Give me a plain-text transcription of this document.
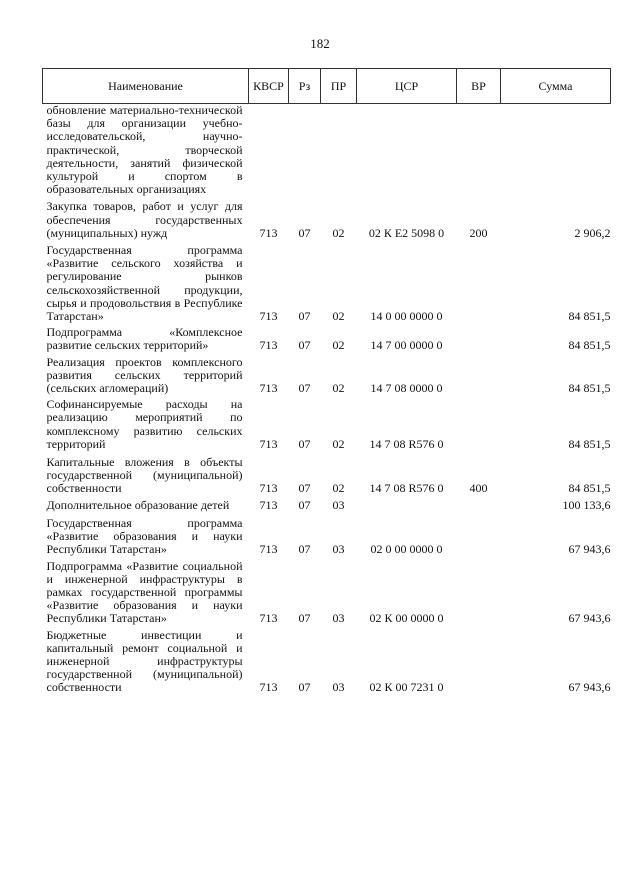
182
Наименование	КВСР	Рз	ПР	ЦСР	ВР	Сумма
обновление материально-технической базы для организации учебно-исследовательской, научно-практической, творческой деятельности, занятий физической культурой и спортом в образовательных организациях						
Закупка товаров, работ и услуг для обеспечения государственных (муниципальных) нужд	713	07	02	02 К Е2 5098 0	200	2 906,2
Государственная программа «Развитие сельского хозяйства и регулирование рынков сельскохозяйственной продукции, сырья и продовольствия в Республике Татарстан»	713	07	02	14 0 00 0000 0		84 851,5
Подпрограмма «Комплексное развитие сельских территорий»	713	07	02	14 7 00 0000 0		84 851,5
Реализация проектов комплексного развития сельских территорий (сельских агломераций)	713	07	02	14 7 08 0000 0		84 851,5
Софинансируемые расходы на реализацию мероприятий по комплексному развитию сельских территорий	713	07	02	14 7 08 R576 0		84 851,5
Капитальные вложения в объекты государственной (муниципальной) собственности	713	07	02	14 7 08 R576 0	400	84 851,5
Дополнительное образование детей	713	07	03			100 133,6
Государственная программа «Развитие образования и науки Республики Татарстан»	713	07	03	02 0 00 0000 0		67 943,6
Подпрограмма «Развитие социальной и инженерной инфраструктуры в рамках государственной программы «Развитие образования и науки Республики Татарстан»	713	07	03	02 К 00 0000 0		67 943,6
Бюджетные инвестиции и капитальный ремонт социальной и инженерной инфраструктуры государственной (муниципальной) собственности	713	07	03	02 К 00 7231 0		67 943,6
